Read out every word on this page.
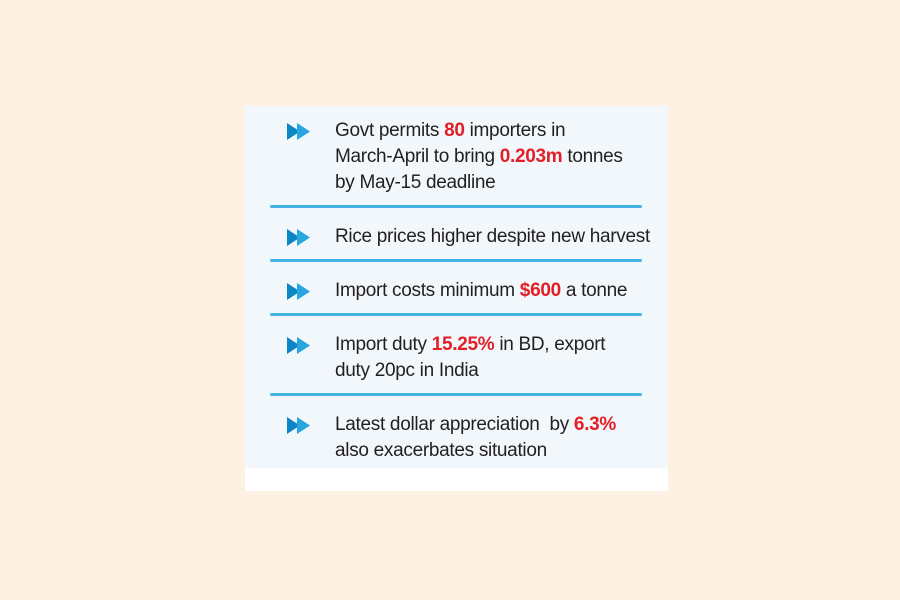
Govt permits 80 importers in
March-April to bring 0.203m tonnes
by May-15 deadline
Rice prices higher despite new harvest
Import costs minimum $600 a tonne
Import duty 15.25% in BD, export
duty 20pc in India
Latest dollar appreciation  by 6.3%
also exacerbates situation
